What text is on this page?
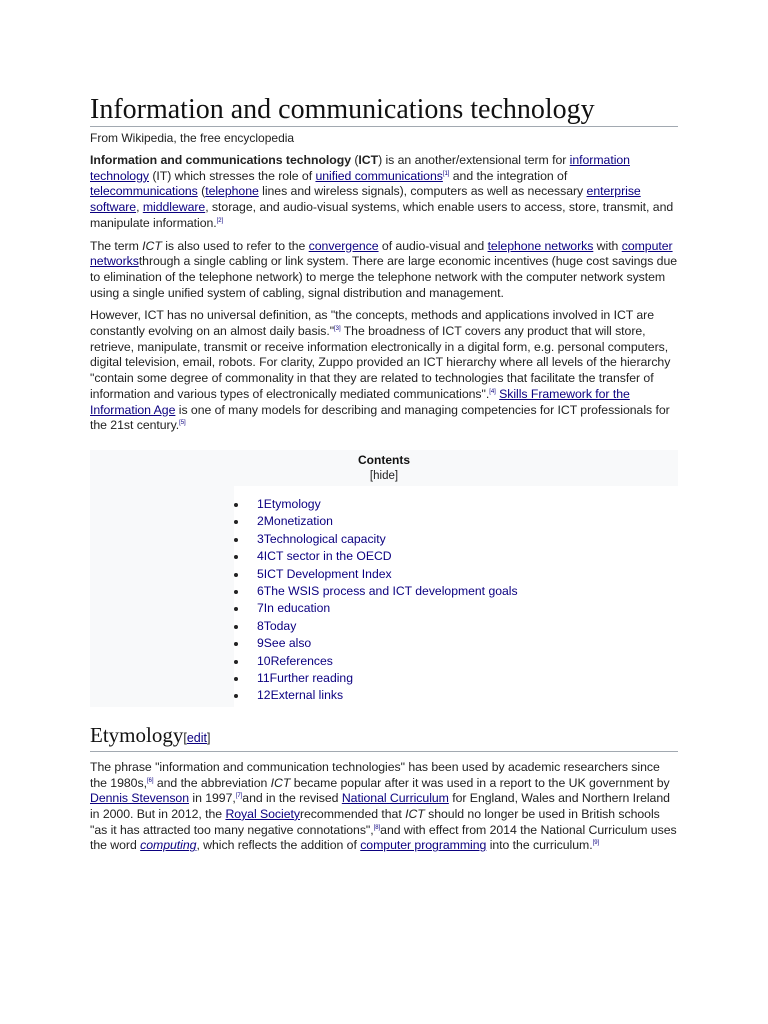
Information and communications technology
From Wikipedia, the free encyclopedia

Information and communications technology (ICT) is an another/extensional term for information technology (IT) which stresses the role of unified communications[1] and the integration of telecommunications (telephone lines and wireless signals), computers as well as necessary enterprise software, middleware, storage, and audio-visual systems, which enable users to access, store, transmit, and manipulate information.[2]

The term ICT is also used to refer to the convergence of audio-visual and telephone networks with computer networksthrough a single cabling or link system. There are large economic incentives (huge cost savings due to elimination of the telephone network) to merge the telephone network with the computer network system using a single unified system of cabling, signal distribution and management.

However, ICT has no universal definition, as "the concepts, methods and applications involved in ICT are constantly evolving on an almost daily basis."[3] The broadness of ICT covers any product that will store, retrieve, manipulate, transmit or receive information electronically in a digital form, e.g. personal computers, digital television, email, robots. For clarity, Zuppo provided an ICT hierarchy where all levels of the hierarchy "contain some degree of commonality in that they are related to technologies that facilitate the transfer of information and various types of electronically mediated communications".[4] Skills Framework for the Information Age is one of many models for describing and managing competencies for ICT professionals for the 21st century.[5]

Contents
[hide]
1Etymology
2Monetization
3Technological capacity
4ICT sector in the OECD
5ICT Development Index
6The WSIS process and ICT development goals
7In education
8Today
9See also
10References
11Further reading
12External links
Etymology[edit]

The phrase "information and communication technologies" has been used by academic researchers since the 1980s,[6] and the abbreviation ICT became popular after it was used in a report to the UK government by Dennis Stevenson in 1997,[7]and in the revised National Curriculum for England, Wales and Northern Ireland in 2000. But in 2012, the Royal Societyrecommended that ICT should no longer be used in British schools "as it has attracted too many negative connotations",[8]and with effect from 2014 the National Curriculum uses the word computing, which reflects the addition of computer programming into the curriculum.[9]
